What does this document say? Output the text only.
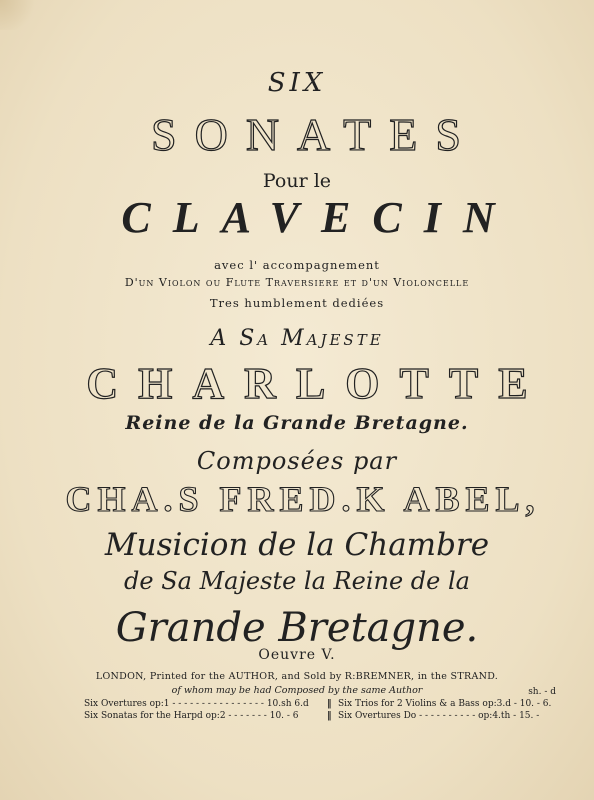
SIX
SONATES
Pour le
CLAVECIN
avec l' accompagnement
D'un Violon ou Flute Traversiere et d'un Violoncelle
Tres humblement dediées
A Sa Majeste
CHARLOTTE
Reine de la Grande Bretagne.
Composées par
CHA.S FRED.K ABEL,
Musicion de la Chambre
de Sa Majeste la Reine de la
Grande Bretagne.
Oeuvre V.
LONDON, Printed for the AUTHOR, and Sold by R:BREMNER, in the STRAND.
of whom may be had Composed by the same Author	sh. - d
Six Overtures op:1 - - - - - - - - - - - - - - - - 10.sh 6.d ‖ Six Trios for 2 Violins & a Bass op:3.d - 10. - 6.
Six Sonatas for the Harpd op:2 - - - - - - - 10. - 6	‖ Six Overtures Do - - - - - - - - - - op:4.th - 15. -
